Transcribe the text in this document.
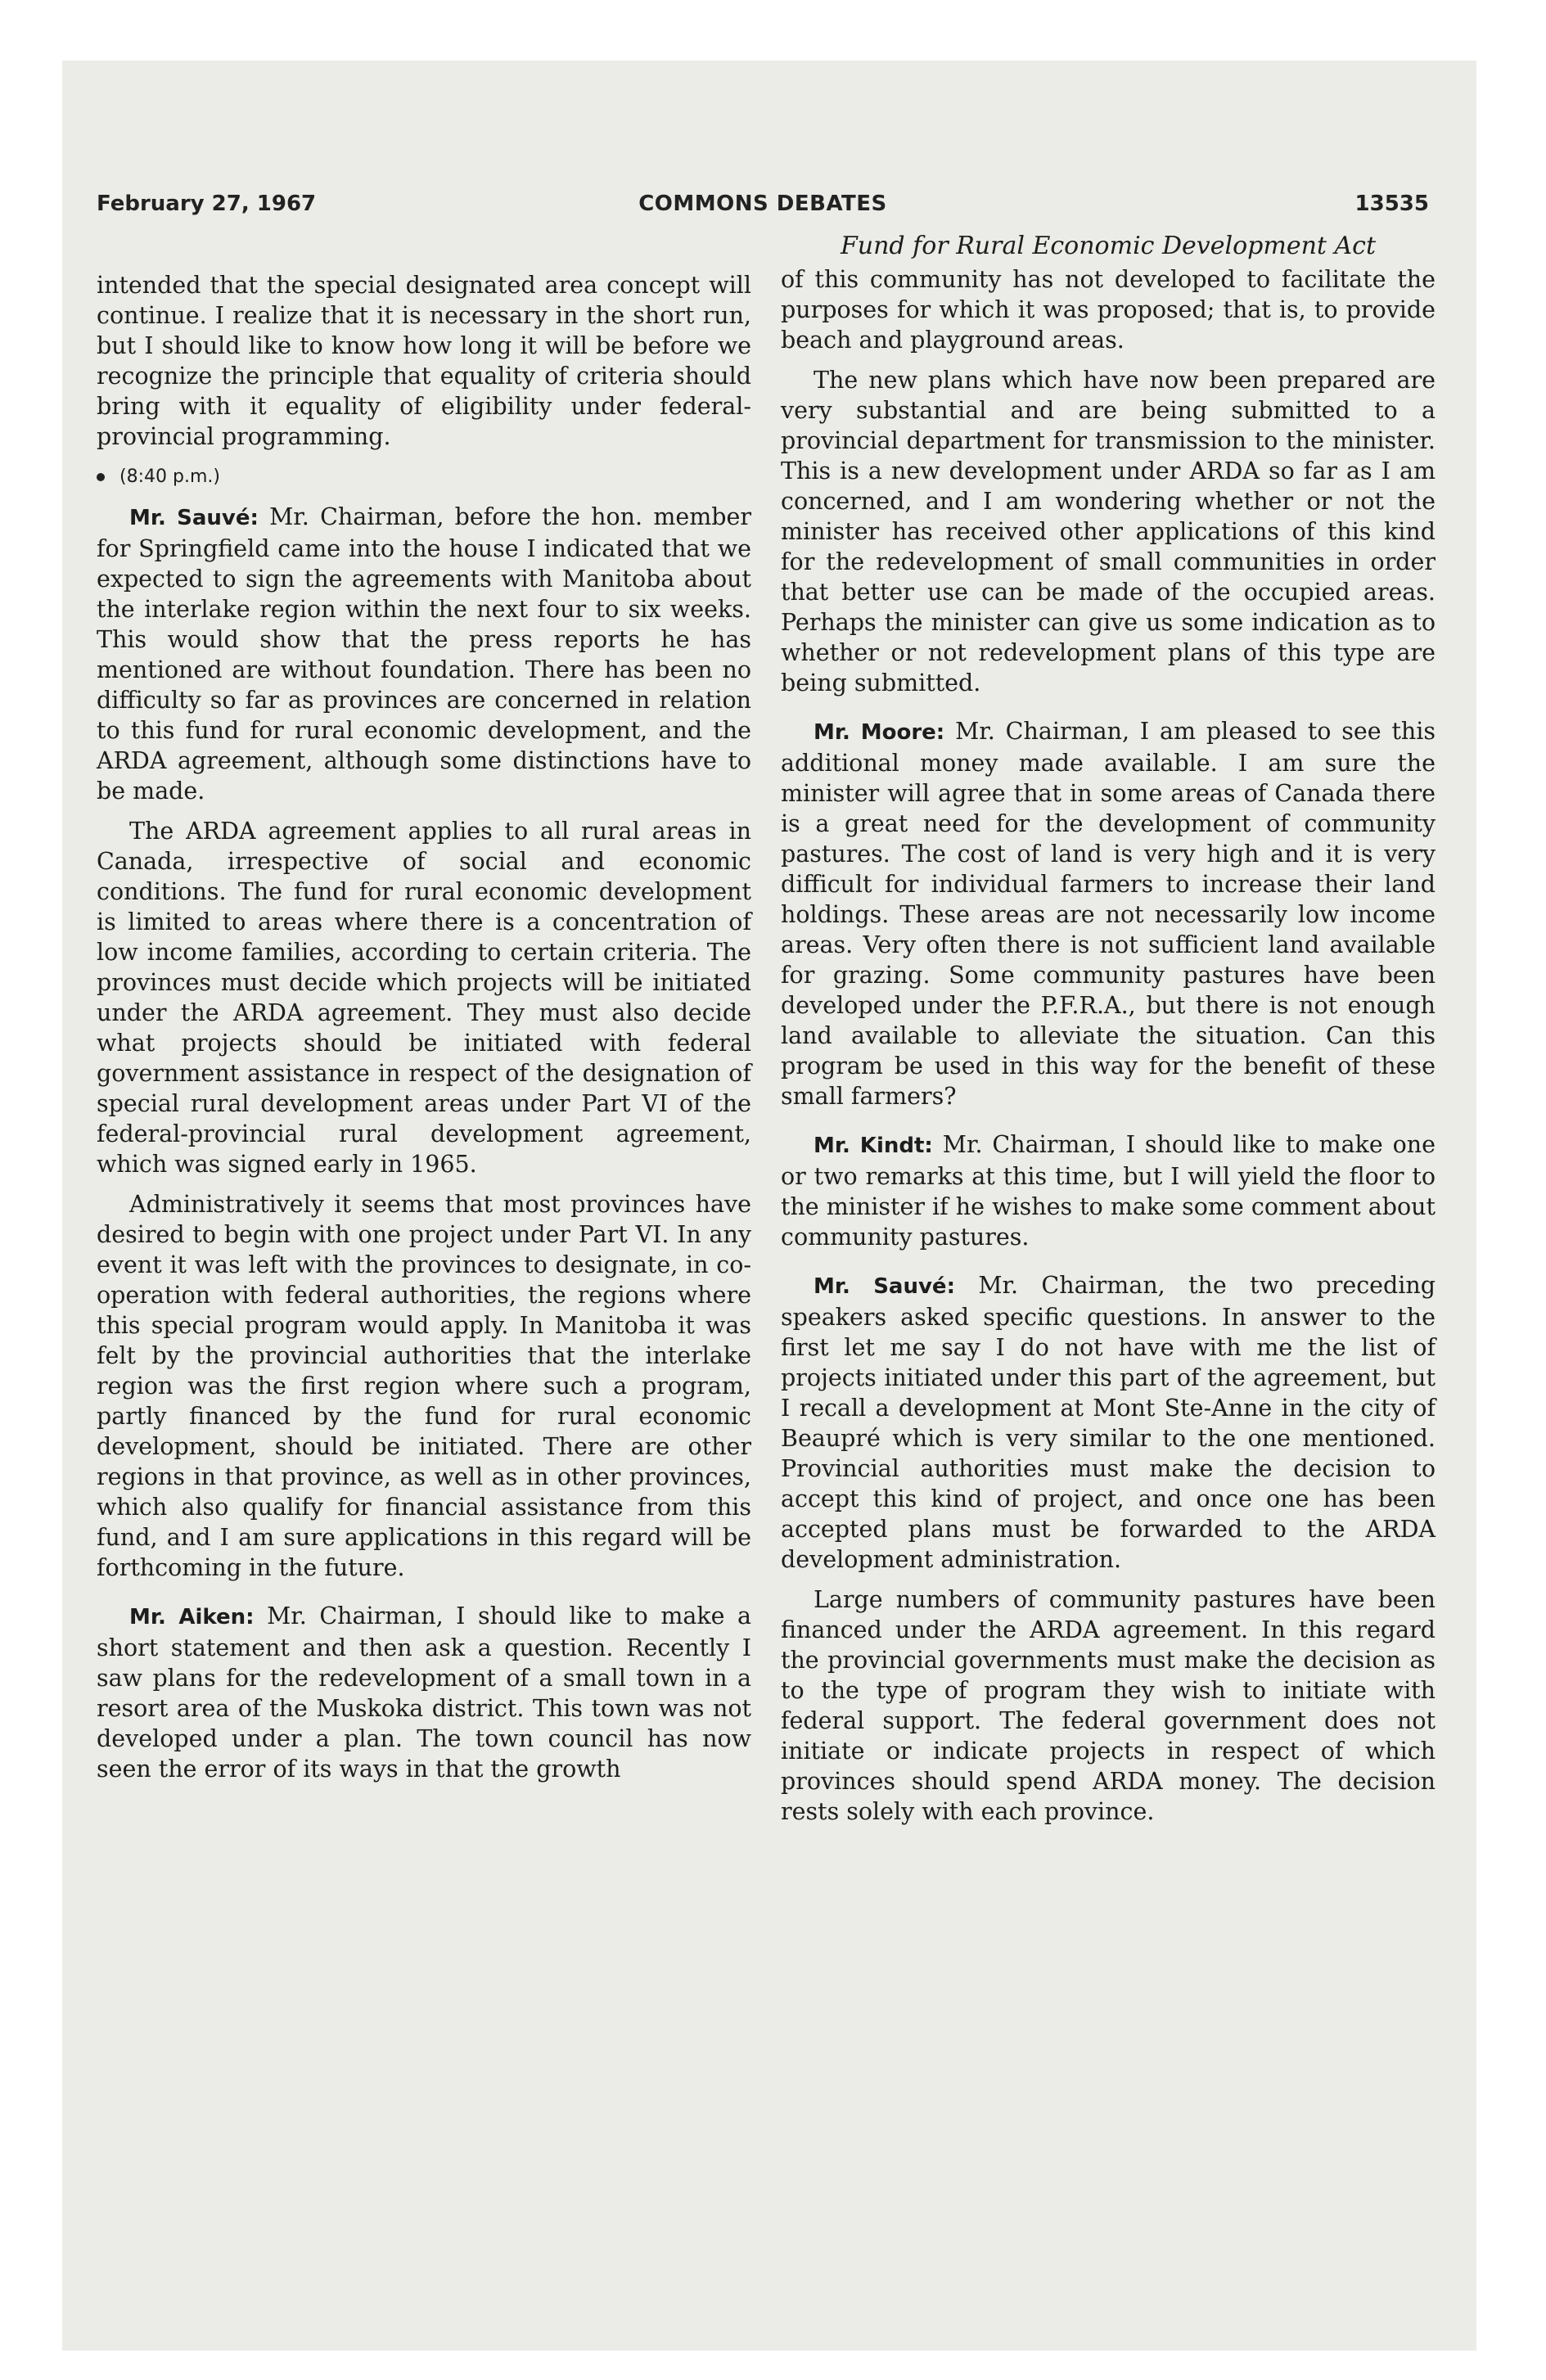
February 27, 1967	COMMONS DEBATES	13535

intended that the special designated area concept will continue. I realize that it is necessary in the short run, but I should like to know how long it will be before we recognize the principle that equality of criteria should bring with it equality of eligibility under federal-provincial programming.

(8:40 p.m.)

Mr. Sauvé: Mr. Chairman, before the hon. member for Springfield came into the house I indicated that we expected to sign the agreements with Manitoba about the interlake region within the next four to six weeks. This would show that the press reports he has mentioned are without foundation. There has been no difficulty so far as provinces are concerned in relation to this fund for rural economic development, and the ARDA agreement, although some distinctions have to be made.

The ARDA agreement applies to all rural areas in Canada, irrespective of social and economic conditions. The fund for rural economic development is limited to areas where there is a concentration of low income families, according to certain criteria. The provinces must decide which projects will be initiated under the ARDA agreement. They must also decide what projects should be initiated with federal government assistance in respect of the designation of special rural development areas under Part VI of the federal-provincial rural development agreement, which was signed early in 1965.

Administratively it seems that most provinces have desired to begin with one project under Part VI. In any event it was left with the provinces to designate, in co-operation with federal authorities, the regions where this special program would apply. In Manitoba it was felt by the provincial authorities that the interlake region was the first region where such a program, partly financed by the fund for rural economic development, should be initiated. There are other regions in that province, as well as in other provinces, which also qualify for financial assistance from this fund, and I am sure applications in this regard will be forthcoming in the future.

Mr. Aiken: Mr. Chairman, I should like to make a short statement and then ask a question. Recently I saw plans for the redevelopment of a small town in a resort area of the Muskoka district. This town was not developed under a plan. The town council has now seen the error of its ways in that the growth

Fund for Rural Economic Development Act

of this community has not developed to facilitate the purposes for which it was proposed; that is, to provide beach and playground areas.

The new plans which have now been prepared are very substantial and are being submitted to a provincial department for transmission to the minister. This is a new development under ARDA so far as I am concerned, and I am wondering whether or not the minister has received other applications of this kind for the redevelopment of small communities in order that better use can be made of the occupied areas. Perhaps the minister can give us some indication as to whether or not redevelopment plans of this type are being submitted.

Mr. Moore: Mr. Chairman, I am pleased to see this additional money made available. I am sure the minister will agree that in some areas of Canada there is a great need for the development of community pastures. The cost of land is very high and it is very difficult for individual farmers to increase their land holdings. These areas are not necessarily low income areas. Very often there is not sufficient land available for grazing. Some community pastures have been developed under the P.F.R.A., but there is not enough land available to alleviate the situation. Can this program be used in this way for the benefit of these small farmers?

Mr. Kindt: Mr. Chairman, I should like to make one or two remarks at this time, but I will yield the floor to the minister if he wishes to make some comment about community pastures.

Mr. Sauvé: Mr. Chairman, the two preceding speakers asked specific questions. In answer to the first let me say I do not have with me the list of projects initiated under this part of the agreement, but I recall a development at Mont Ste-Anne in the city of Beaupré which is very similar to the one mentioned. Provincial authorities must make the decision to accept this kind of project, and once one has been accepted plans must be forwarded to the ARDA development administration.

Large numbers of community pastures have been financed under the ARDA agreement. In this regard the provincial governments must make the decision as to the type of program they wish to initiate with federal support. The federal government does not initiate or indicate projects in respect of which provinces should spend ARDA money. The decision rests solely with each province.
